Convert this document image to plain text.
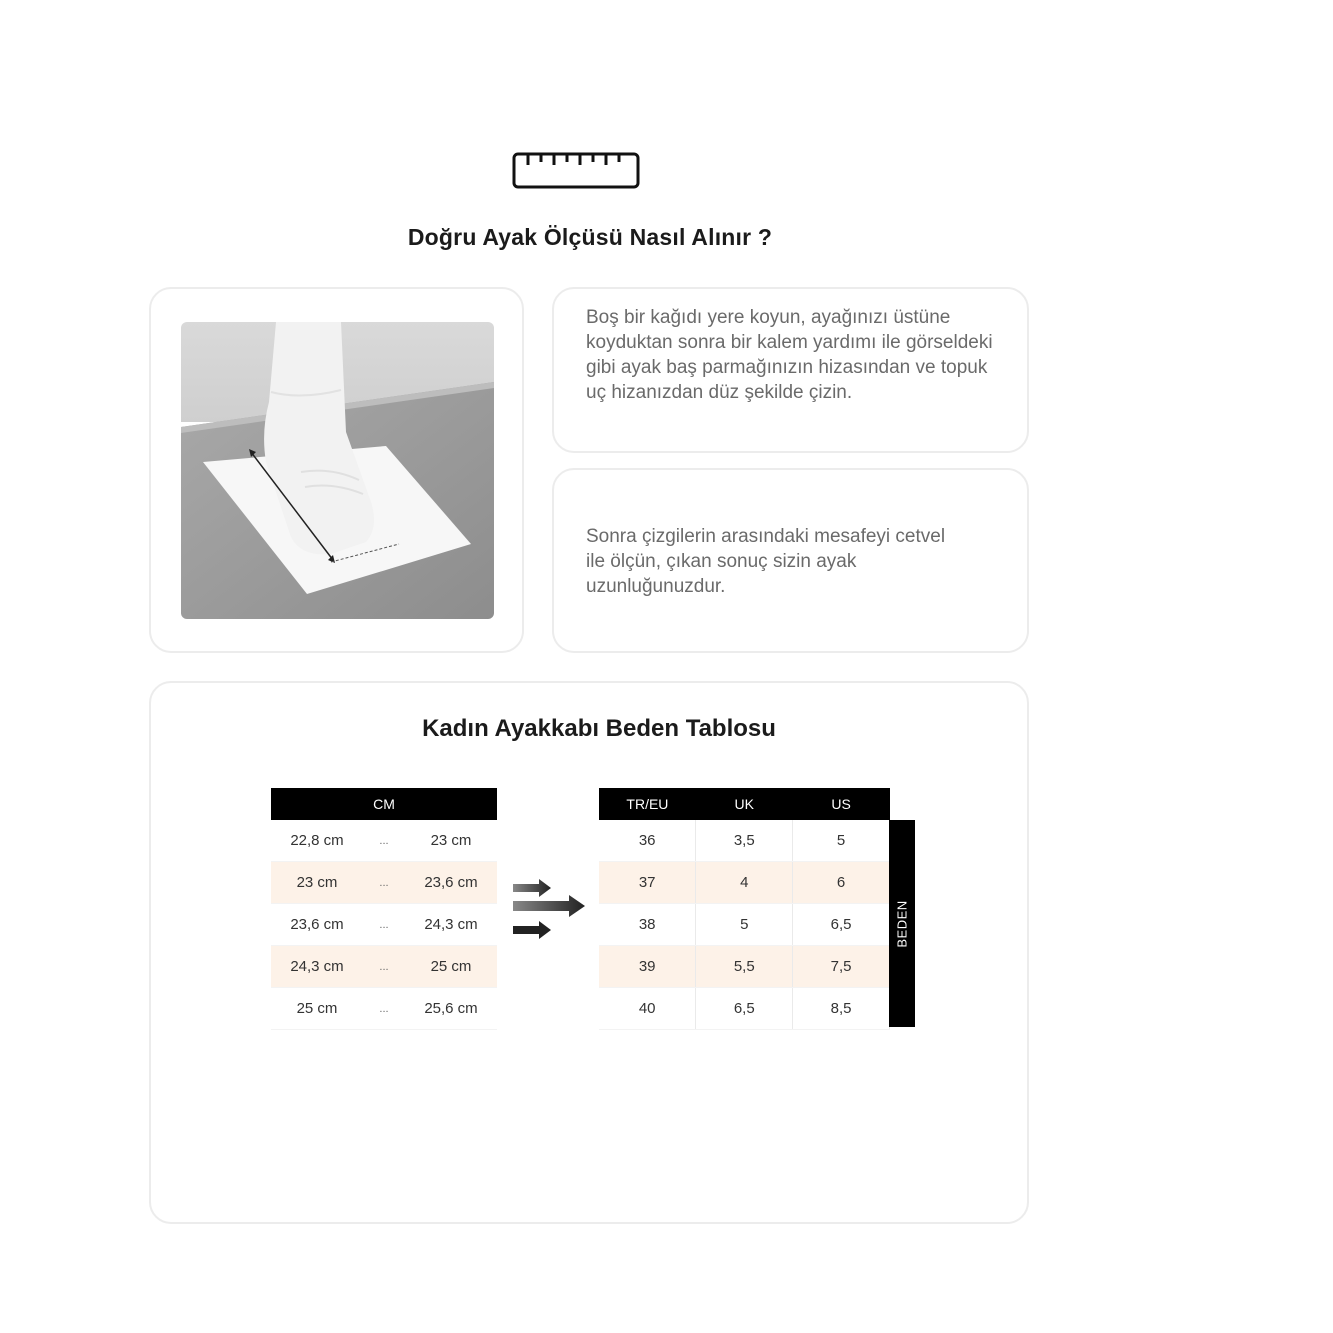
Doğru Ayak Ölçüsü Nasıl Alınır ?
Boş bir kağıdı yere koyun, ayağınızı üstüne koyduktan sonra bir kalem yardımı ile görseldeki gibi ayak baş parmağınızın hizasından ve topuk uç hizanızdan düz şekilde çizin.
Sonra çizgilerin arasındaki mesafeyi cetvel ile ölçün, çıkan sonuç sizin ayak uzunluğunuzdur.
Kadın Ayakkabı Beden Tablosu
CM		
22,8 cm	...	23 cm
23 cm	...	23,6 cm
23,6 cm	...	24,3 cm
24,3 cm	...	25 cm
25 cm	...	25,6 cm
TR/EU	UK	US
36	3,5	5
37	4	6
38	5	6,5
39	5,5	7,5
40	6,5	8,5
BEDEN
